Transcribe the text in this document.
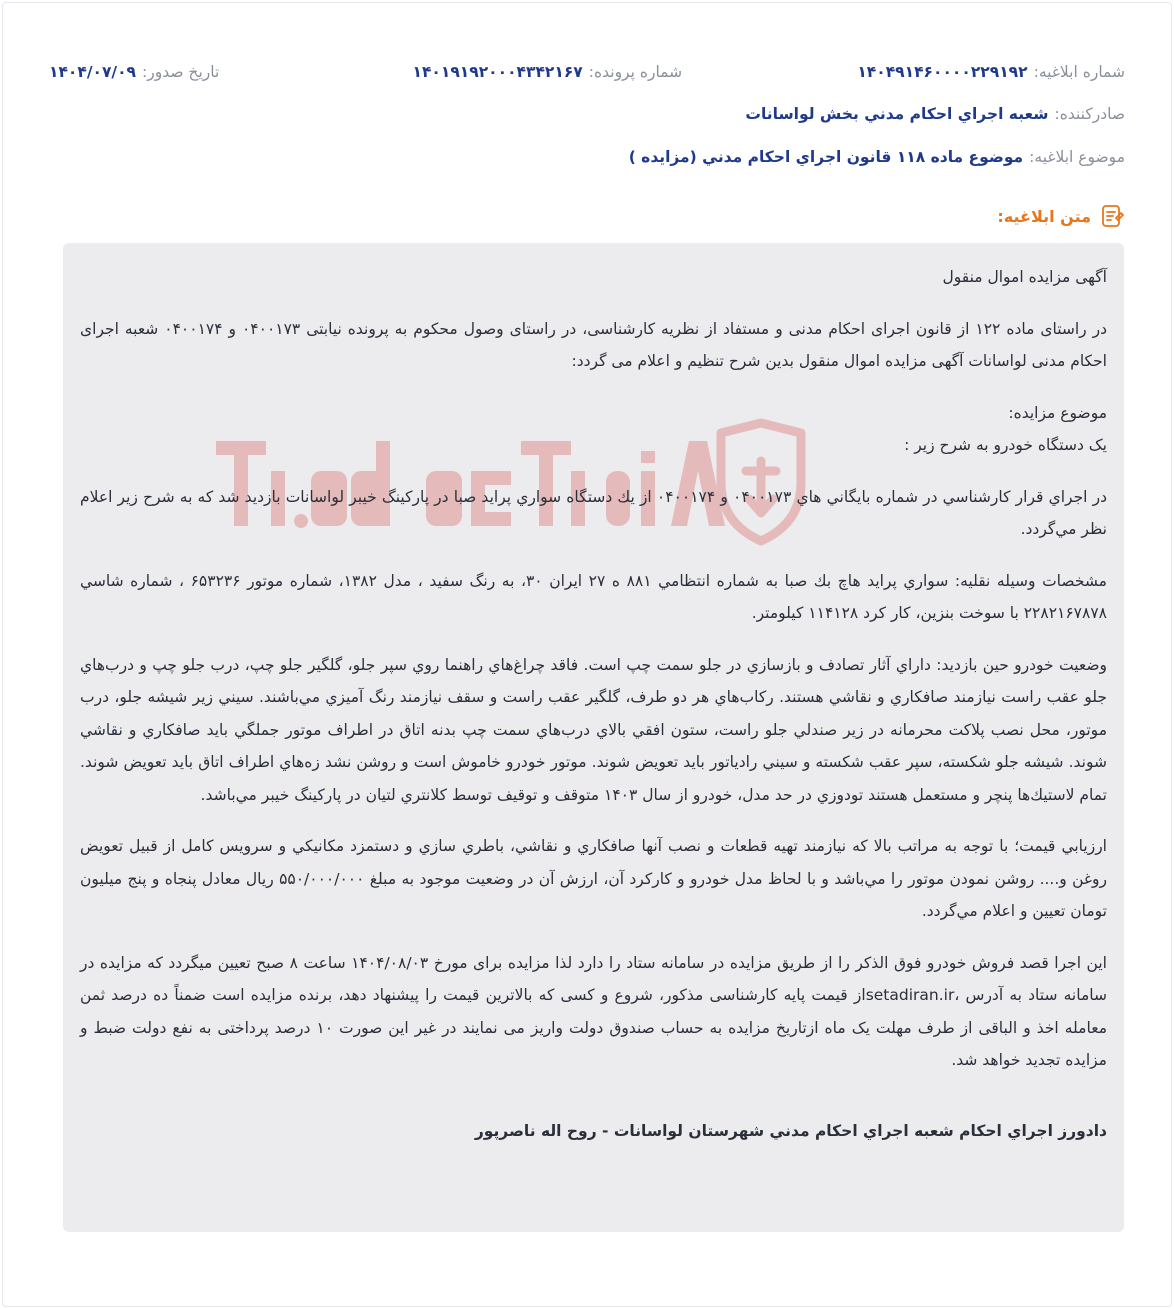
شماره ابلاغیه:
۱۴۰۴۹۱۴۶۰۰۰۰۲۲۹۱۹۲
شماره پرونده:
۱۴۰۱۹۱۹۲۰۰۰۴۳۴۲۱۶۷
تاریخ صدور:
۱۴۰۴/۰۷/۰۹
صادرکننده:
شعبه اجراي احكام مدني بخش لواسانات
موضوع ابلاغیه:
موضوع ماده ۱۱۸ قانون اجراي احكام مدني (مزايده )
متن ابلاغیه:

آگهی مزایده اموال منقول

در راستای ماده ۱۲۲ از قانون اجرای احکام مدنی و مستفاد از نظریه کارشناسی، در راستای وصول محکوم به پرونده نیابتی ۰۴۰۰۱۷۳ و ۰۴۰۰۱۷۴ شعبه اجرای احکام مدنی لواسانات آگهی مزایده اموال منقول بدین شرح تنظیم و اعلام می گردد:

موضوع مزایده:

یک دستگاه خودرو به شرح زیر :

در اجراي قرار كارشناسي در شماره بايگاني هاي ۰۴۰۰۱۷۳ و ۰۴۰۰۱۷۴ از يك دستگاه سواري پرايد صبا در پاركينگ خيبر لواسانات بازديد شد كه به شرح زير اعلام نظر مي‌گردد.

مشخصات وسيله نقليه: سواري پرايد هاچ بك صبا به شماره انتظامي ۸۸۱ ه ۲۷ ايران ۳۰، به رنگ سفيد ، مدل ۱۳۸۲، شماره موتور ۶۵۳۲۳۶ ، شماره شاسي ۲۲۸۲۱۶۷۸۷۸ با سوخت بنزين، كار كرد ۱۱۴۱۲۸ كيلومتر.

وضعيت خودرو حين بازديد: داراي آثار تصادف و بازسازي در جلو سمت چپ است. فاقد چراغ‌هاي راهنما روي سپر جلو، گلگير جلو چپ، درب جلو چپ و درب‌هاي جلو عقب راست نيازمند صافكاري و نقاشي هستند. ركاب‌هاي هر دو طرف، گلگير عقب راست و سقف نيازمند رنگ آميزي مي‌باشند. سيني زير شيشه جلو، درب موتور، محل نصب پلاكت محرمانه در زير صندلي جلو راست، ستون افقي بالاي درب‌هاي سمت چپ بدنه اتاق در اطراف موتور جملگي بايد صافكاري و نقاشي شوند. شيشه جلو شكسته، سپر عقب شكسته و سيني رادياتور بايد تعويض شوند. موتور خودرو خاموش است و روشن نشد زه‌هاي اطراف اتاق بايد تعويض شوند. تمام لاستيك‌ها پنچر و مستعمل هستند تودوزي در حد مدل، خودرو از سال ۱۴۰۳ متوقف و توقيف توسط كلانتري لتيان در پاركينگ خيبر مي‌باشد.

ارزيابي قيمت؛ با توجه به مراتب بالا كه نيازمند تهيه قطعات و نصب آنها صافكاري و نقاشي، باطري سازي و دستمزد مكانيكي و سرويس كامل از قبيل تعويض روغن و.... روشن نمودن موتور را مي‌باشد و با لحاظ مدل خودرو و كاركرد آن، ارزش آن در وضعيت موجود به مبلغ ۵۵۰/۰۰۰/۰۰۰ ريال معادل پنجاه و پنج ميليون تومان تعيين و اعلام مي‌گردد.

این اجرا قصد فروش خودرو فوق الذکر را از طریق مزایده در سامانه ستاد را دارد لذا مزایده برای مورخ ۱۴۰۴/۰۸/۰۳ ساعت ۸ صبح تعیین میگردد که مزایده در سامانه ستاد به آدرس ،setadiran.irاز قیمت پایه کارشناسی مذکور، شروع و کسی که بالاترین قیمت را پیشنهاد دهد، برنده مزایده است ضمناً ده درصد ثمن معامله اخذ و الباقی از طرف مهلت یک ماه ازتاریخ مزایده به حساب صندوق دولت واریز می نمایند در غیر این صورت ۱۰ درصد پرداختی به نفع دولت ضبط و مزایده تجدید خواهد شد.

دادورز اجراي احكام شعبه اجراي احكام مدني شهرستان لواسانات - روح اله ناصرپور
